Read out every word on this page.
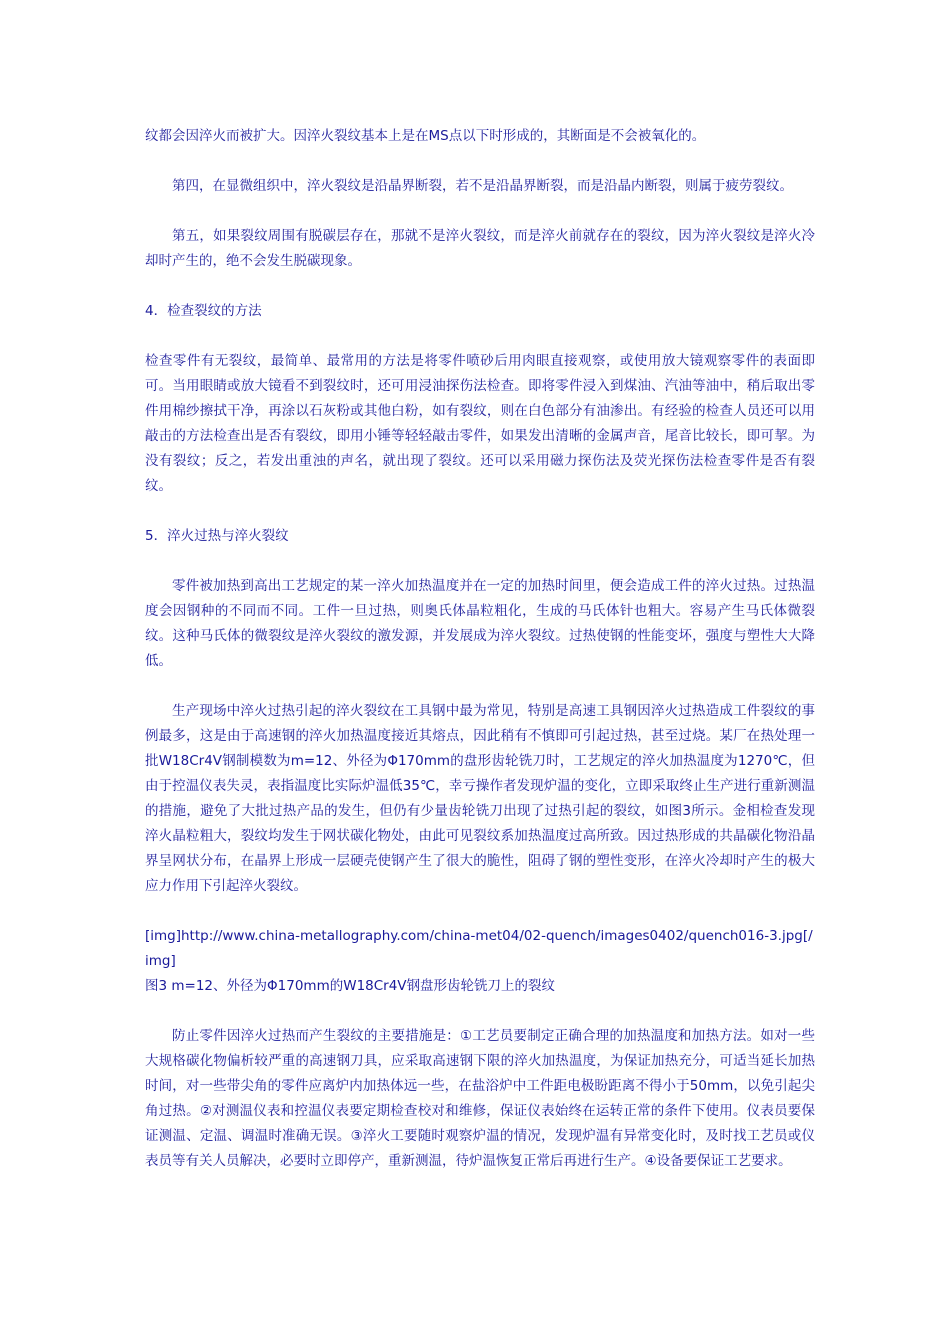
纹都会因淬火而被扩大。因淬火裂纹基本上是在MS点以下时形成的，其断面是不会被氧化的。

第四，在显微组织中，淬火裂纹是沿晶界断裂，若不是沿晶界断裂，而是沿晶内断裂，则属于疲劳裂纹。

第五，如果裂纹周围有脱碳层存在，那就不是淬火裂纹，而是淬火前就存在的裂纹，因为淬火裂纹是淬火冷却时产生的，绝不会发生脱碳现象。

4．检查裂纹的方法

检查零件有无裂纹，最简单、最常用的方法是将零件喷砂后用肉眼直接观察，或使用放大镜观察零件的表面即可。当用眼睛或放大镜看不到裂纹时，还可用浸油探伤法检查。即将零件浸入到煤油、汽油等油中，稍后取出零件用棉纱擦拭干净，再涂以石灰粉或其他白粉，如有裂纹，则在白色部分有油渗出。有经验的检查人员还可以用敲击的方法检查出是否有裂纹，即用小锤等轻轻敲击零件，如果发出清晰的金属声音，尾音比较长，即可挈。为没有裂纹；反之，若发出重浊的声名，就出现了裂纹。还可以采用磁力探伤法及荧光探伤法检查零件是否有裂纹。

5．淬火过热与淬火裂纹

零件被加热到高出工艺规定的某一淬火加热温度并在一定的加热时间里，便会造成工件的淬火过热。过热温度会因钢种的不同而不同。工件一旦过热，则奥氏体晶粒粗化，生成的马氏体针也粗大。容易产生马氏体微裂纹。这种马氏体的微裂纹是淬火裂纹的激发源，并发展成为淬火裂纹。过热使钢的性能变坏，强度与塑性大大降低。

生产现场中淬火过热引起的淬火裂纹在工具钢中最为常见，特别是高速工具钢因淬火过热造成工件裂纹的事例最多，这是由于高速钢的淬火加热温度接近其熔点，因此稍有不慎即可引起过热，甚至过烧。某厂在热处理一批W18Cr4V钢制模数为m=12、外径为Φ170mm的盘形齿轮铣刀时，工艺规定的淬火加热温度为1270℃，但由于控温仪表失灵，表指温度比实际炉温低35℃，幸亏操作者发现炉温的变化，立即采取终止生产进行重新测温的措施，避免了大批过热产品的发生，但仍有少量齿轮铣刀出现了过热引起的裂纹，如图3所示。金相检查发现淬火晶粒粗大，裂纹均发生于网状碳化物处，由此可见裂纹系加热温度过高所致。因过热形成的共晶碳化物沿晶界呈网状分布，在晶界上形成一层硬壳使钢产生了很大的脆性，阻碍了钢的塑性变形，在淬火冷却时产生的极大应力作用下引起淬火裂纹。

[img]http://www.china-metallography.com/china-met04/02-quench/images0402/quench016-3.jpg[/img]

图3 m=12、外径为Φ170mm的W18Cr4V钢盘形齿轮铣刀上的裂纹

防止零件因淬火过热而产生裂纹的主要措施是：①工艺员要制定正确合理的加热温度和加热方法。如对一些大规格碳化物偏析较严重的高速钢刀具，应采取高速钢下限的淬火加热温度，为保证加热充分，可适当延长加热时间，对一些带尖角的零件应离炉内加热体远一些，在盐浴炉中工件距电极盼距离不得小于50mm，以免引起尖角过热。②对测温仪表和控温仪表要定期检查校对和维修，保证仪表始终在运转正常的条件下使用。仪表员要保证测温、定温、调温时准确无误。③淬火工要随时观察炉温的情况，发现炉温有异常变化时，及时找工艺员或仪表员等有关人员解决，必要时立即停产，重新测温，待炉温恢复正常后再进行生产。④设备要保证工艺要求。
